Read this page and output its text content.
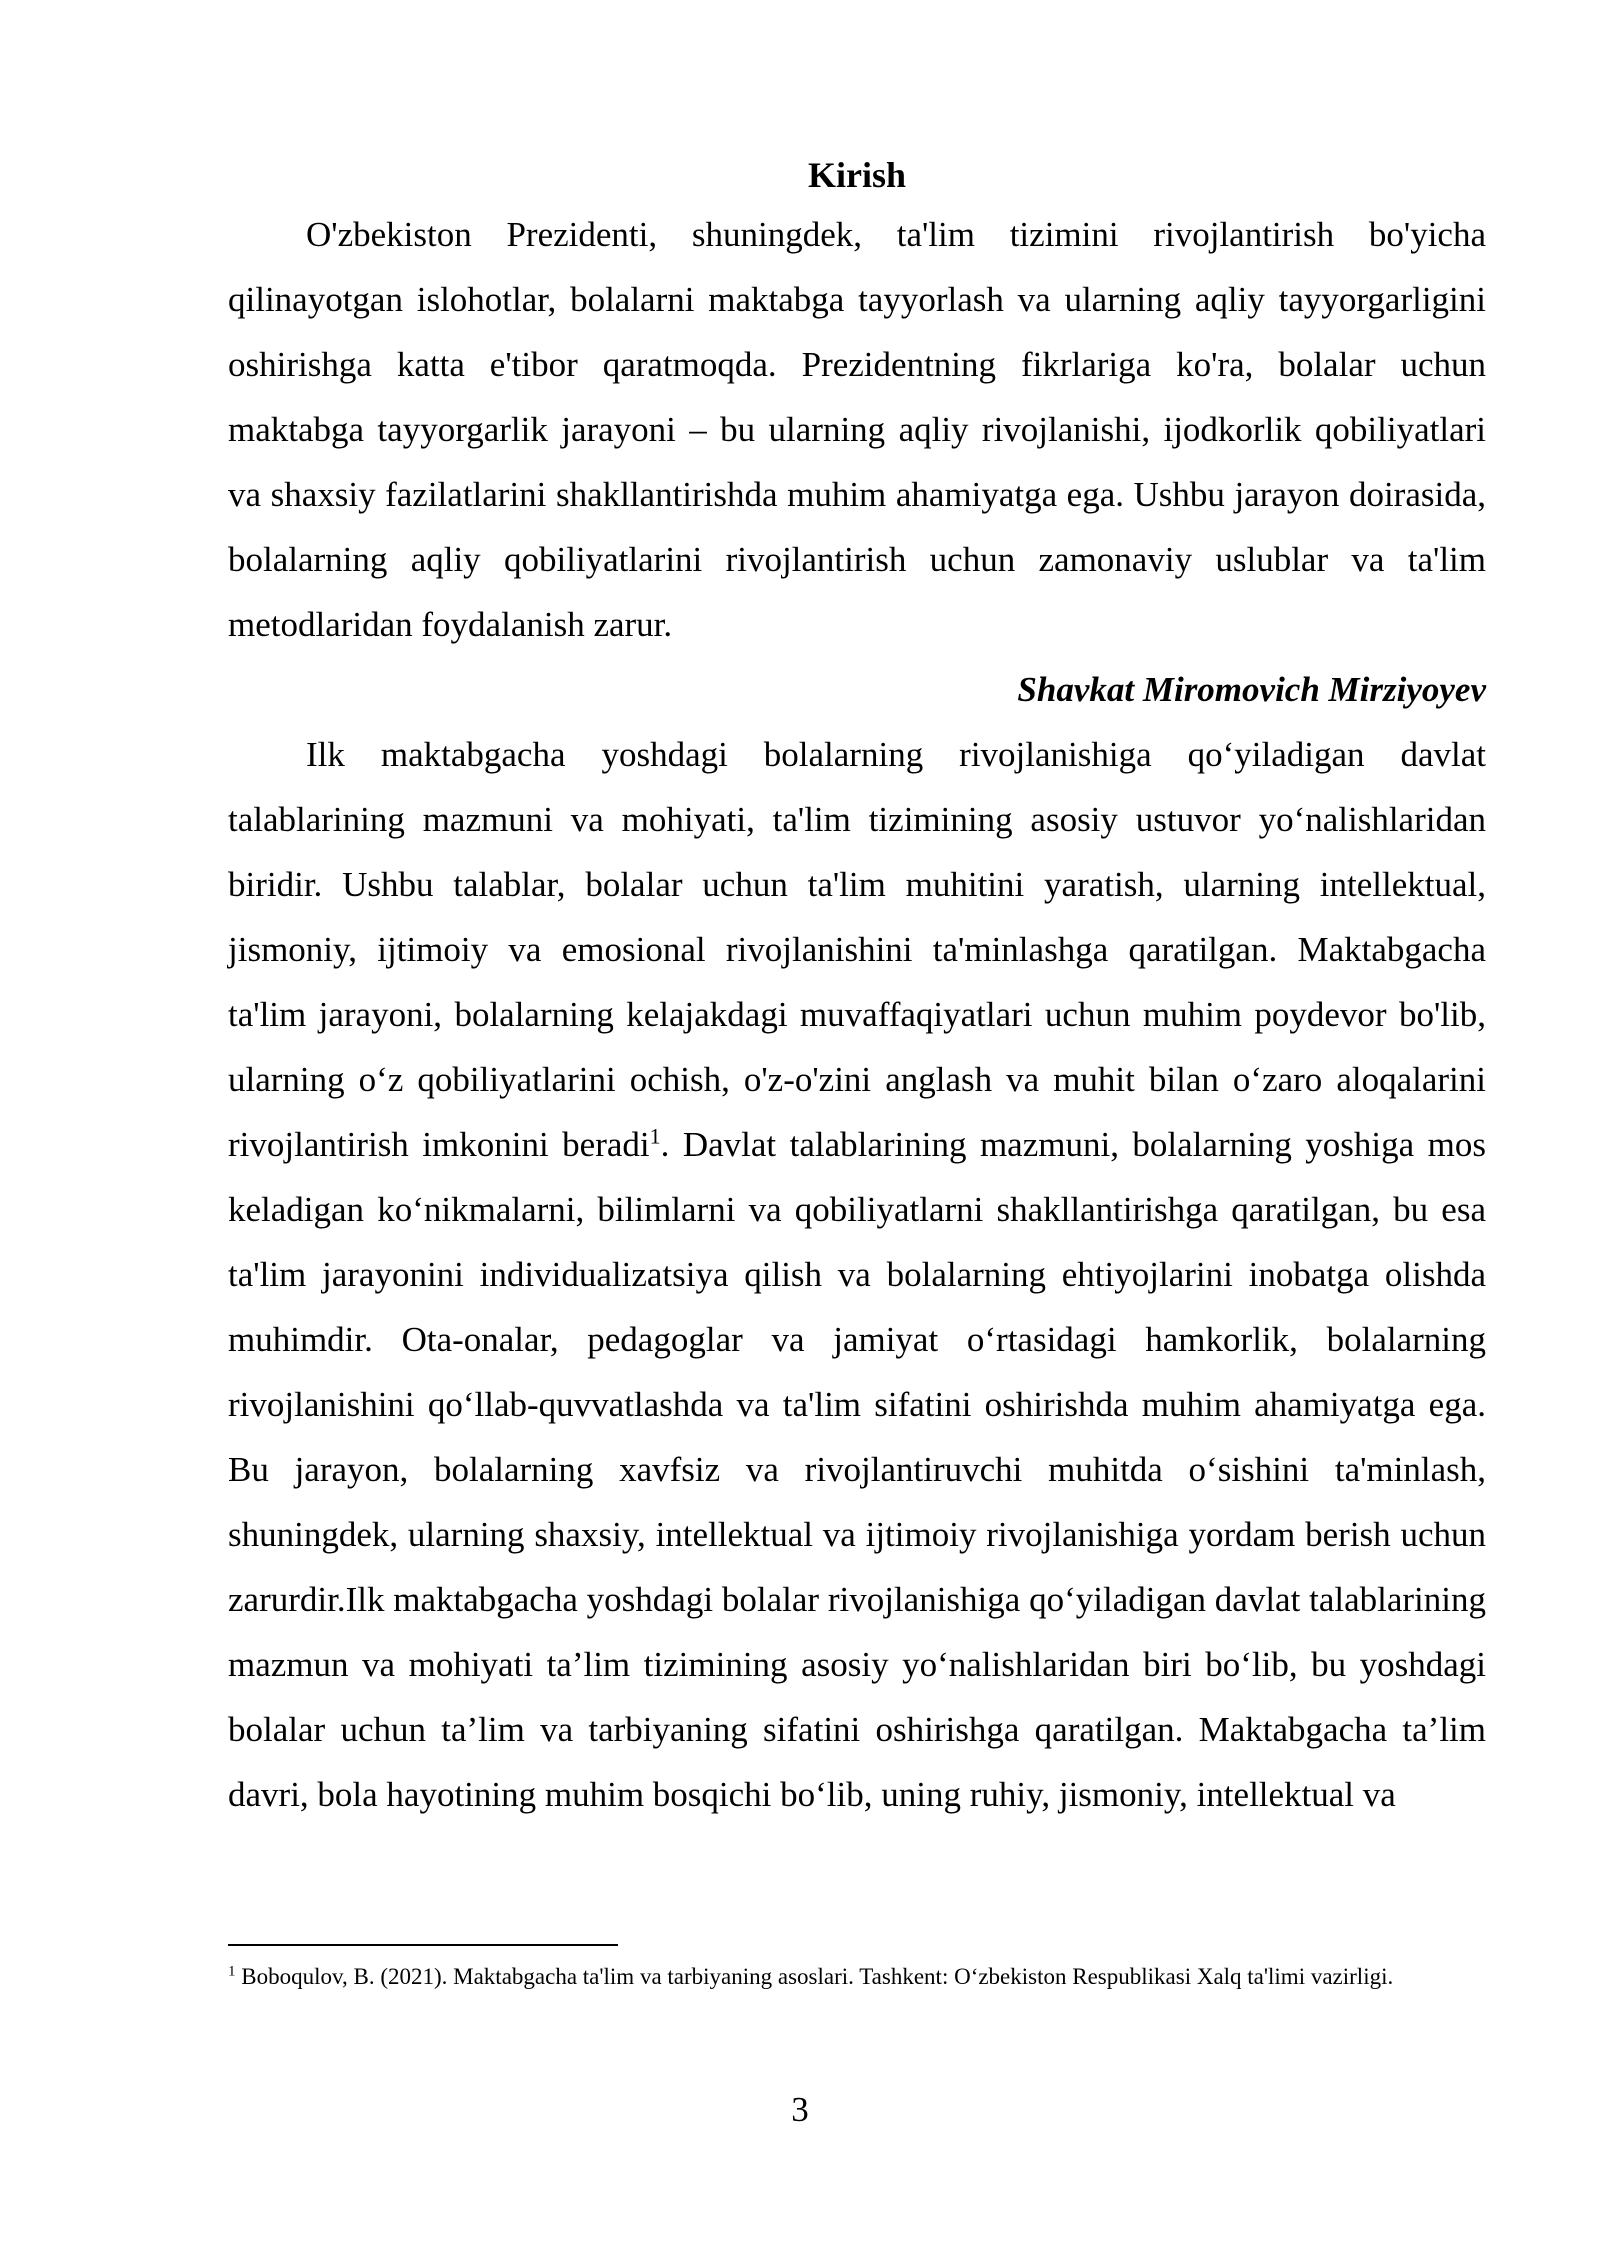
Kirish

O'zbekiston Prezidenti, shuningdek, ta'lim tizimini rivojlantirish bo'yicha qilinayotgan islohotlar, bolalarni maktabga tayyorlash va ularning aqliy tayyorgarligini oshirishga katta e'tibor qaratmoqda. Prezidentning fikrlariga ko'ra, bolalar uchun maktabga tayyorgarlik jarayoni – bu ularning aqliy rivojlanishi, ijodkorlik qobiliyatlari va shaxsiy fazilatlarini shakllantirishda muhim ahamiyatga ega. Ushbu jarayon doirasida, bolalarning aqliy qobiliyatlarini rivojlantirish uchun zamonaviy uslublar va ta'lim metodlaridan foydalanish zarur.

Shavkat Miromovich Mirziyoyev

Ilk maktabgacha yoshdagi bolalarning rivojlanishiga qo‘yiladigan davlat talablarining mazmuni va mohiyati, ta'lim tizimining asosiy ustuvor yo‘nalishlaridan biridir. Ushbu talablar, bolalar uchun ta'lim muhitini yaratish, ularning intellektual, jismoniy, ijtimoiy va emosional rivojlanishini ta'minlashga qaratilgan. Maktabgacha ta'lim jarayoni, bolalarning kelajakdagi muvaffaqiyatlari uchun muhim poydevor bo'lib, ularning o‘z qobiliyatlarini ochish, o'z-o'zini anglash va muhit bilan o‘zaro aloqalarini rivojlantirish imkonini beradi$^1$. Davlat talablarining mazmuni, bolalarning yoshiga mos keladigan ko‘nikmalarni, bilimlarni va qobiliyatlarni shakllantirishga qaratilgan, bu esa ta'lim jarayonini individualizatsiya qilish va bolalarning ehtiyojlarini inobatga olishda muhimdir. Ota-onalar, pedagoglar va jamiyat o‘rtasidagi hamkorlik, bolalarning rivojlanishini qo‘llab-quvvatlashda va ta'lim sifatini oshirishda muhim ahamiyatga ega. Bu jarayon, bolalarning xavfsiz va rivojlantiruvchi muhitda o‘sishini ta'minlash, shuningdek, ularning shaxsiy, intellektual va ijtimoiy rivojlanishiga yordam berish uchun zarurdir.Ilk maktabgacha yoshdagi bolalar rivojlanishiga qo‘yiladigan davlat talablarining mazmun va mohiyati ta’lim tizimining asosiy yo‘nalishlaridan biri bo‘lib, bu yoshdagi bolalar uchun ta’lim va tarbiyaning sifatini oshirishga qaratilgan. Maktabgacha ta’lim davri, bola hayotining muhim bosqichi bo‘lib, uning ruhiy, jismoniy, intellektual va

$^1$ Boboqulov, B. (2021). Maktabgacha ta'lim va tarbiyaning asoslari. Tashkent: O‘zbekiston Respublikasi Xalq ta'limi vazirligi.

3
